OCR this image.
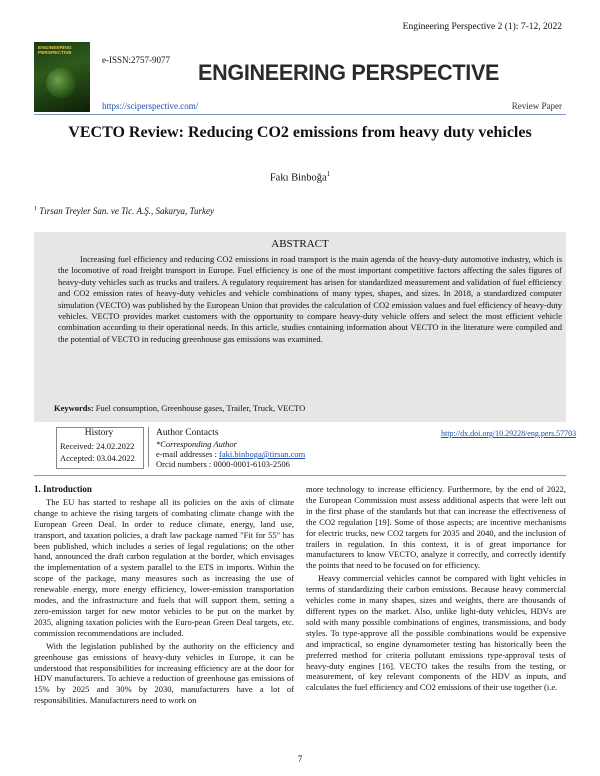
Engineering Perspective 2 (1): 7-12, 2022
ENGINEERING PERSPECTIVE
e-ISSN:2757-9077 ENGINEERING PERSPECTIVE
https://sciperspective.com/	Review Paper
VECTO Review: Reducing CO2 emissions from heavy duty vehicles
Fakı Binboğa$^1$
$^1$ Tırsan Treyler San. ve Tic. A.Ş., Sakarya, Turkey
ABSTRACT
Increasing fuel efficiency and reducing CO2 emissions in road transport is the main agenda of the heavy-duty automotive industry, which is the locomotive of road freight transport in Europe. Fuel efficiency is one of the most important competitive factors affecting the sales figures of heavy-duty vehicles such as trucks and trailers. A regulatory requirement has arisen for standardized measurement and validation of fuel efficiency and CO2 emission rates of heavy-duty vehicles and vehicle combinations of many types, shapes, and sizes. In 2018, a standardized computer simulation (VECTO) was published by the European Union that provides the calculation of CO2 emission values and fuel efficiency of heavy-duty vehicles. VECTO provides market customers with the opportunity to compare heavy-duty vehicle offers and select the most efficient vehicle combination according to their operational needs. In this article, studies containing information about VECTO in the literature were compiled and the potential of VECTO in reducing greenhouse gas emissions was examined.
Keywords: Fuel consumption, Greenhouse gases, Trailer, Truck, VECTO
History
Received: 24.02.2022
Accepted: 03.04.2022
Author Contacts
*Corresponding Author
e-mail addresses : faki.binboga@tirsan.com
Orcid numbers : 0000-0001-6103-2506
http://dx.doi.org/10.29228/eng.pers.57703

1. Introduction

The EU has started to reshape all its policies on the axis of climate change to achieve the rising targets of combating climate change with the European Green Deal. In order to reduce climate, energy, land use, transport, and taxation policies, a draft law package named "Fit for 55" has been published, which includes a series of legal regulations; on the other hand, announced the draft carbon regulation at the border, which envisages the implementation of a system parallel to the ETS in imports. Within the scope of the package, many measures such as increasing the use of renewable energy, more energy efficiency, lower-emission transportation modes, and the infrastructure and fuels that will support them, setting a zero-emission target for new motor vehicles to be put on the market by 2035, aligning taxation policies with the Euro-pean Green Deal targets, etc. commission recommendations are included.

With the legislation published by the authority on the efficiency and greenhouse gas emissions of heavy-duty vehicles in Europe, it can be understood that responsibilities for increasing efficiency are at the door for HDV manufacturers. To achieve a reduction of greenhouse gas emissions of 15% by 2025 and 30% by 2030, manufacturers have a lot of responsibilities. Manufacturers need to work on

more technology to increase efficiency. Furthermore, by the end of 2022, the European Commission must assess additional aspects that were left out in the first phase of the standards but that can increase the effectiveness of the CO2 regulation [19]. Some of those aspects; are incentive mechanisms for electric trucks, new CO2 targets for 2035 and 2040, and the inclusion of trailers in regulation. In this context, it is of great importance for manufacturers to know VECTO, analyze it correctly, and correctly identify the points that need to be focused on for efficiency.

Heavy commercial vehicles cannot be compared with light vehicles in terms of standardizing their carbon emissions. Because heavy commercial vehicles come in many shapes, sizes and weights, there are thousands of different types on the market. Also, unlike light-duty vehicles, HDVs are sold with many possible combinations of engines, transmissions, and body styles. To type-approve all the possible combinations would be expensive and impractical, so engine dynamometer testing has historically been the preferred method for criteria pollutant emissions type-approval tests of heavy-duty engines [16]. VECTO takes the results from the testing, or measurement, of key relevant components of the HDV as inputs, and calculates the fuel efficiency and CO2 emissions of their use together (i.e.

7
